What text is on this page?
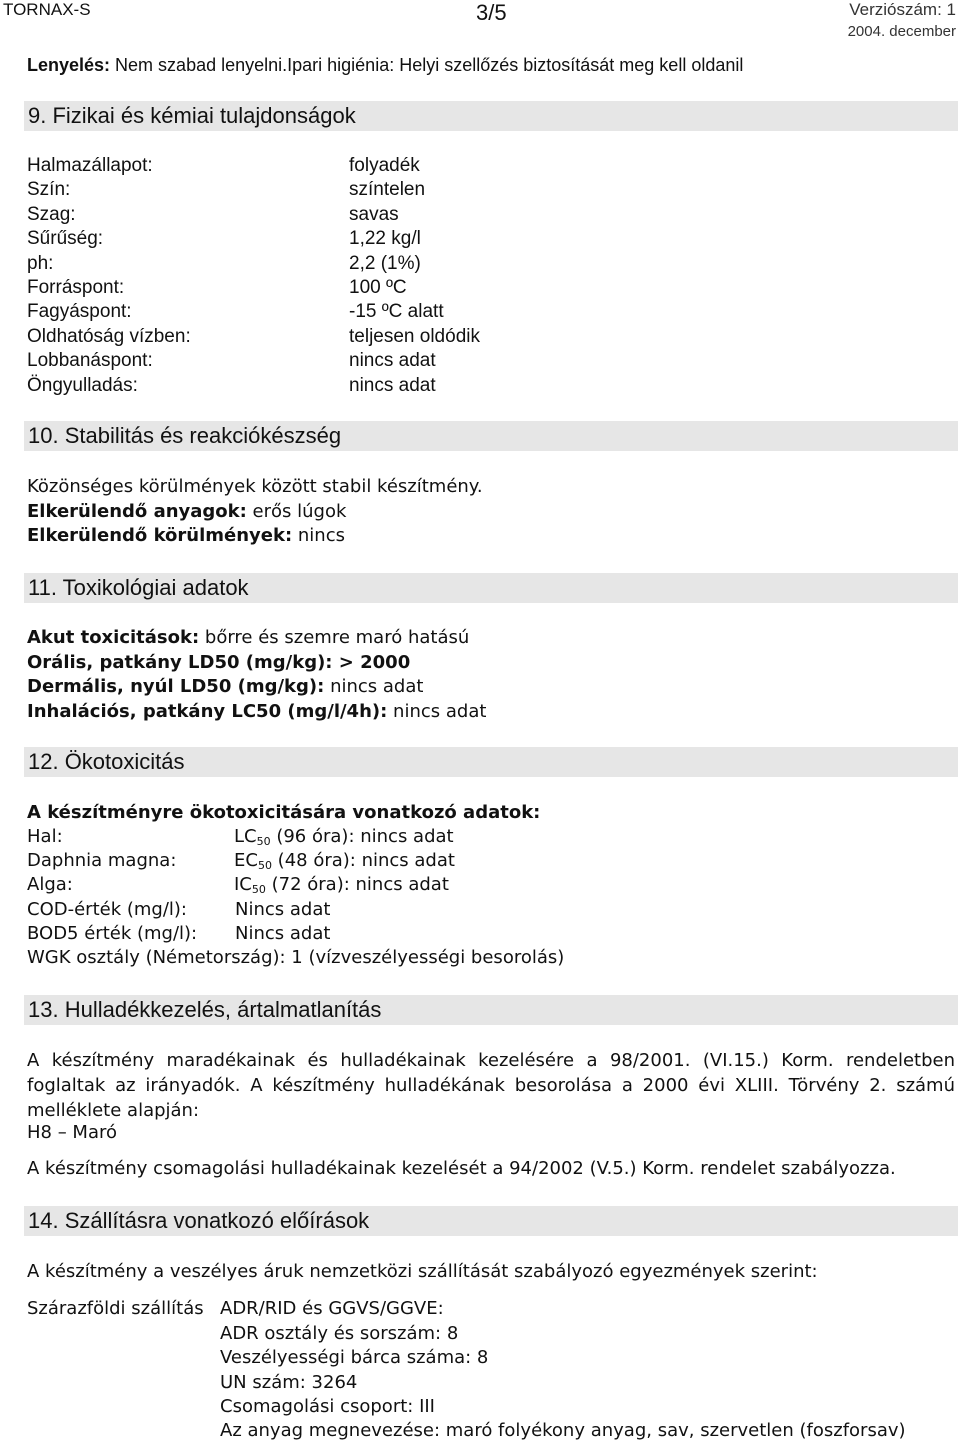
TORNAX-S	3/5	Verziószám: 1
2004. december
Lenyelés: Nem szabad lenyelni.Ipari higiénia: Helyi szellőzés biztosítását meg kell oldanil
9. Fizikai és kémiai tulajdonságok
Halmazállapot:	folyadék
Szín:	színtelen
Szag:	savas
Sűrűség:	1,22 kg/l
ph:	2,2 (1%)
Forráspont:	100 ºC
Fagyáspont:	-15 ºC alatt
Oldhatóság vízben:	teljesen oldódik
Lobbanáspont:	nincs adat
Öngyulladás:	nincs adat
10. Stabilitás és reakciókészség
Közönséges körülmények között stabil készítmény.
Elkerülendő anyagok: erős lúgok
Elkerülendő körülmények: nincs
11. Toxikológiai adatok
Akut toxicitások: bőrre és szemre maró hatású
Orális, patkány LD50 (mg/kg): > 2000
Dermális, nyúl LD50 (mg/kg): nincs adat
Inhalációs, patkány LC50 (mg/l/4h): nincs adat
12. Ökotoxicitás
A készítményre ökotoxicitására vonatkozó adatok:
Hal:	$LC_{50}$ (96 óra): nincs adat
Daphnia magna:	$EC_{50}$ (48 óra): nincs adat
Alga:	$IC_{50}$ (72 óra): nincs adat
COD-érték (mg/l):	Nincs adat
BOD5 érték (mg/l): Nincs adat
WGK osztály (Németország): 1 (vízveszélyességi besorolás)
13. Hulladékkezelés, ártalmatlanítás
A készítmény maradékainak és hulladékainak kezelésére a 98/2001. (VI.15.) Korm. rendeletben foglaltak az irányadók. A készítmény hulladékának besorolása a 2000 évi XLIII. Törvény 2. számú melléklete alapján:
H8 – Maró
A készítmény csomagolási hulladékainak kezelését a 94/2002 (V.5.) Korm. rendelet szabályozza.
14. Szállításra vonatkozó előírások
A készítmény a veszélyes áruk nemzetközi szállítását szabályozó egyezmények szerint:
Szárazföldi szállítás ADR/RID és GGVS/GGVE:
ADR osztály és sorszám: 8
Veszélyességi bárca száma: 8
UN szám: 3264
Csomagolási csoport: III
Az anyag megnevezése: maró folyékony anyag, sav, szervetlen (foszforsav)
